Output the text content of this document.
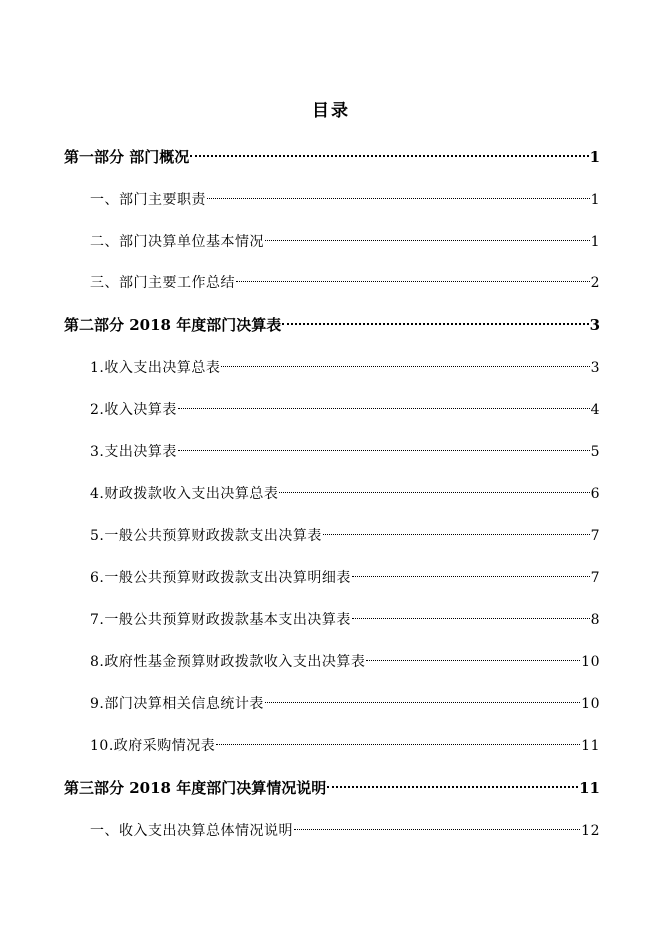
目录
第一部分 部门概况	1
一、部门主要职责	1
二、部门决算单位基本情况	1
三、部门主要工作总结	2
第二部分 2018 年度部门决算表	3
1.收入支出决算总表	3
2.收入决算表	4
3.支出决算表	5
4.财政拨款收入支出决算总表	6
5.一般公共预算财政拨款支出决算表	7
6.一般公共预算财政拨款支出决算明细表	7
7.一般公共预算财政拨款基本支出决算表	8
8.政府性基金预算财政拨款收入支出决算表	10
9.部门决算相关信息统计表	10
10.政府采购情况表	11
第三部分 2018 年度部门决算情况说明	11
一、收入支出决算总体情况说明	12
